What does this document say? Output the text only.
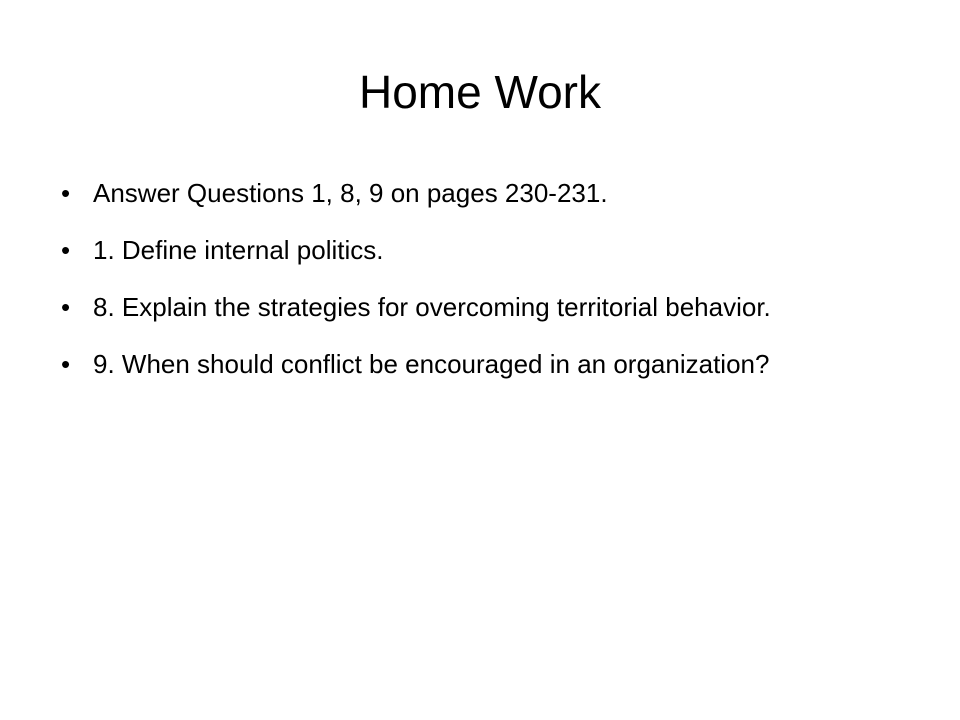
Home Work
• Answer Questions 1, 8, 9 on pages 230-231.
• 1. Define internal politics.
• 8. Explain the strategies for overcoming territorial behavior.
• 9. When should conflict be encouraged in an organization?
